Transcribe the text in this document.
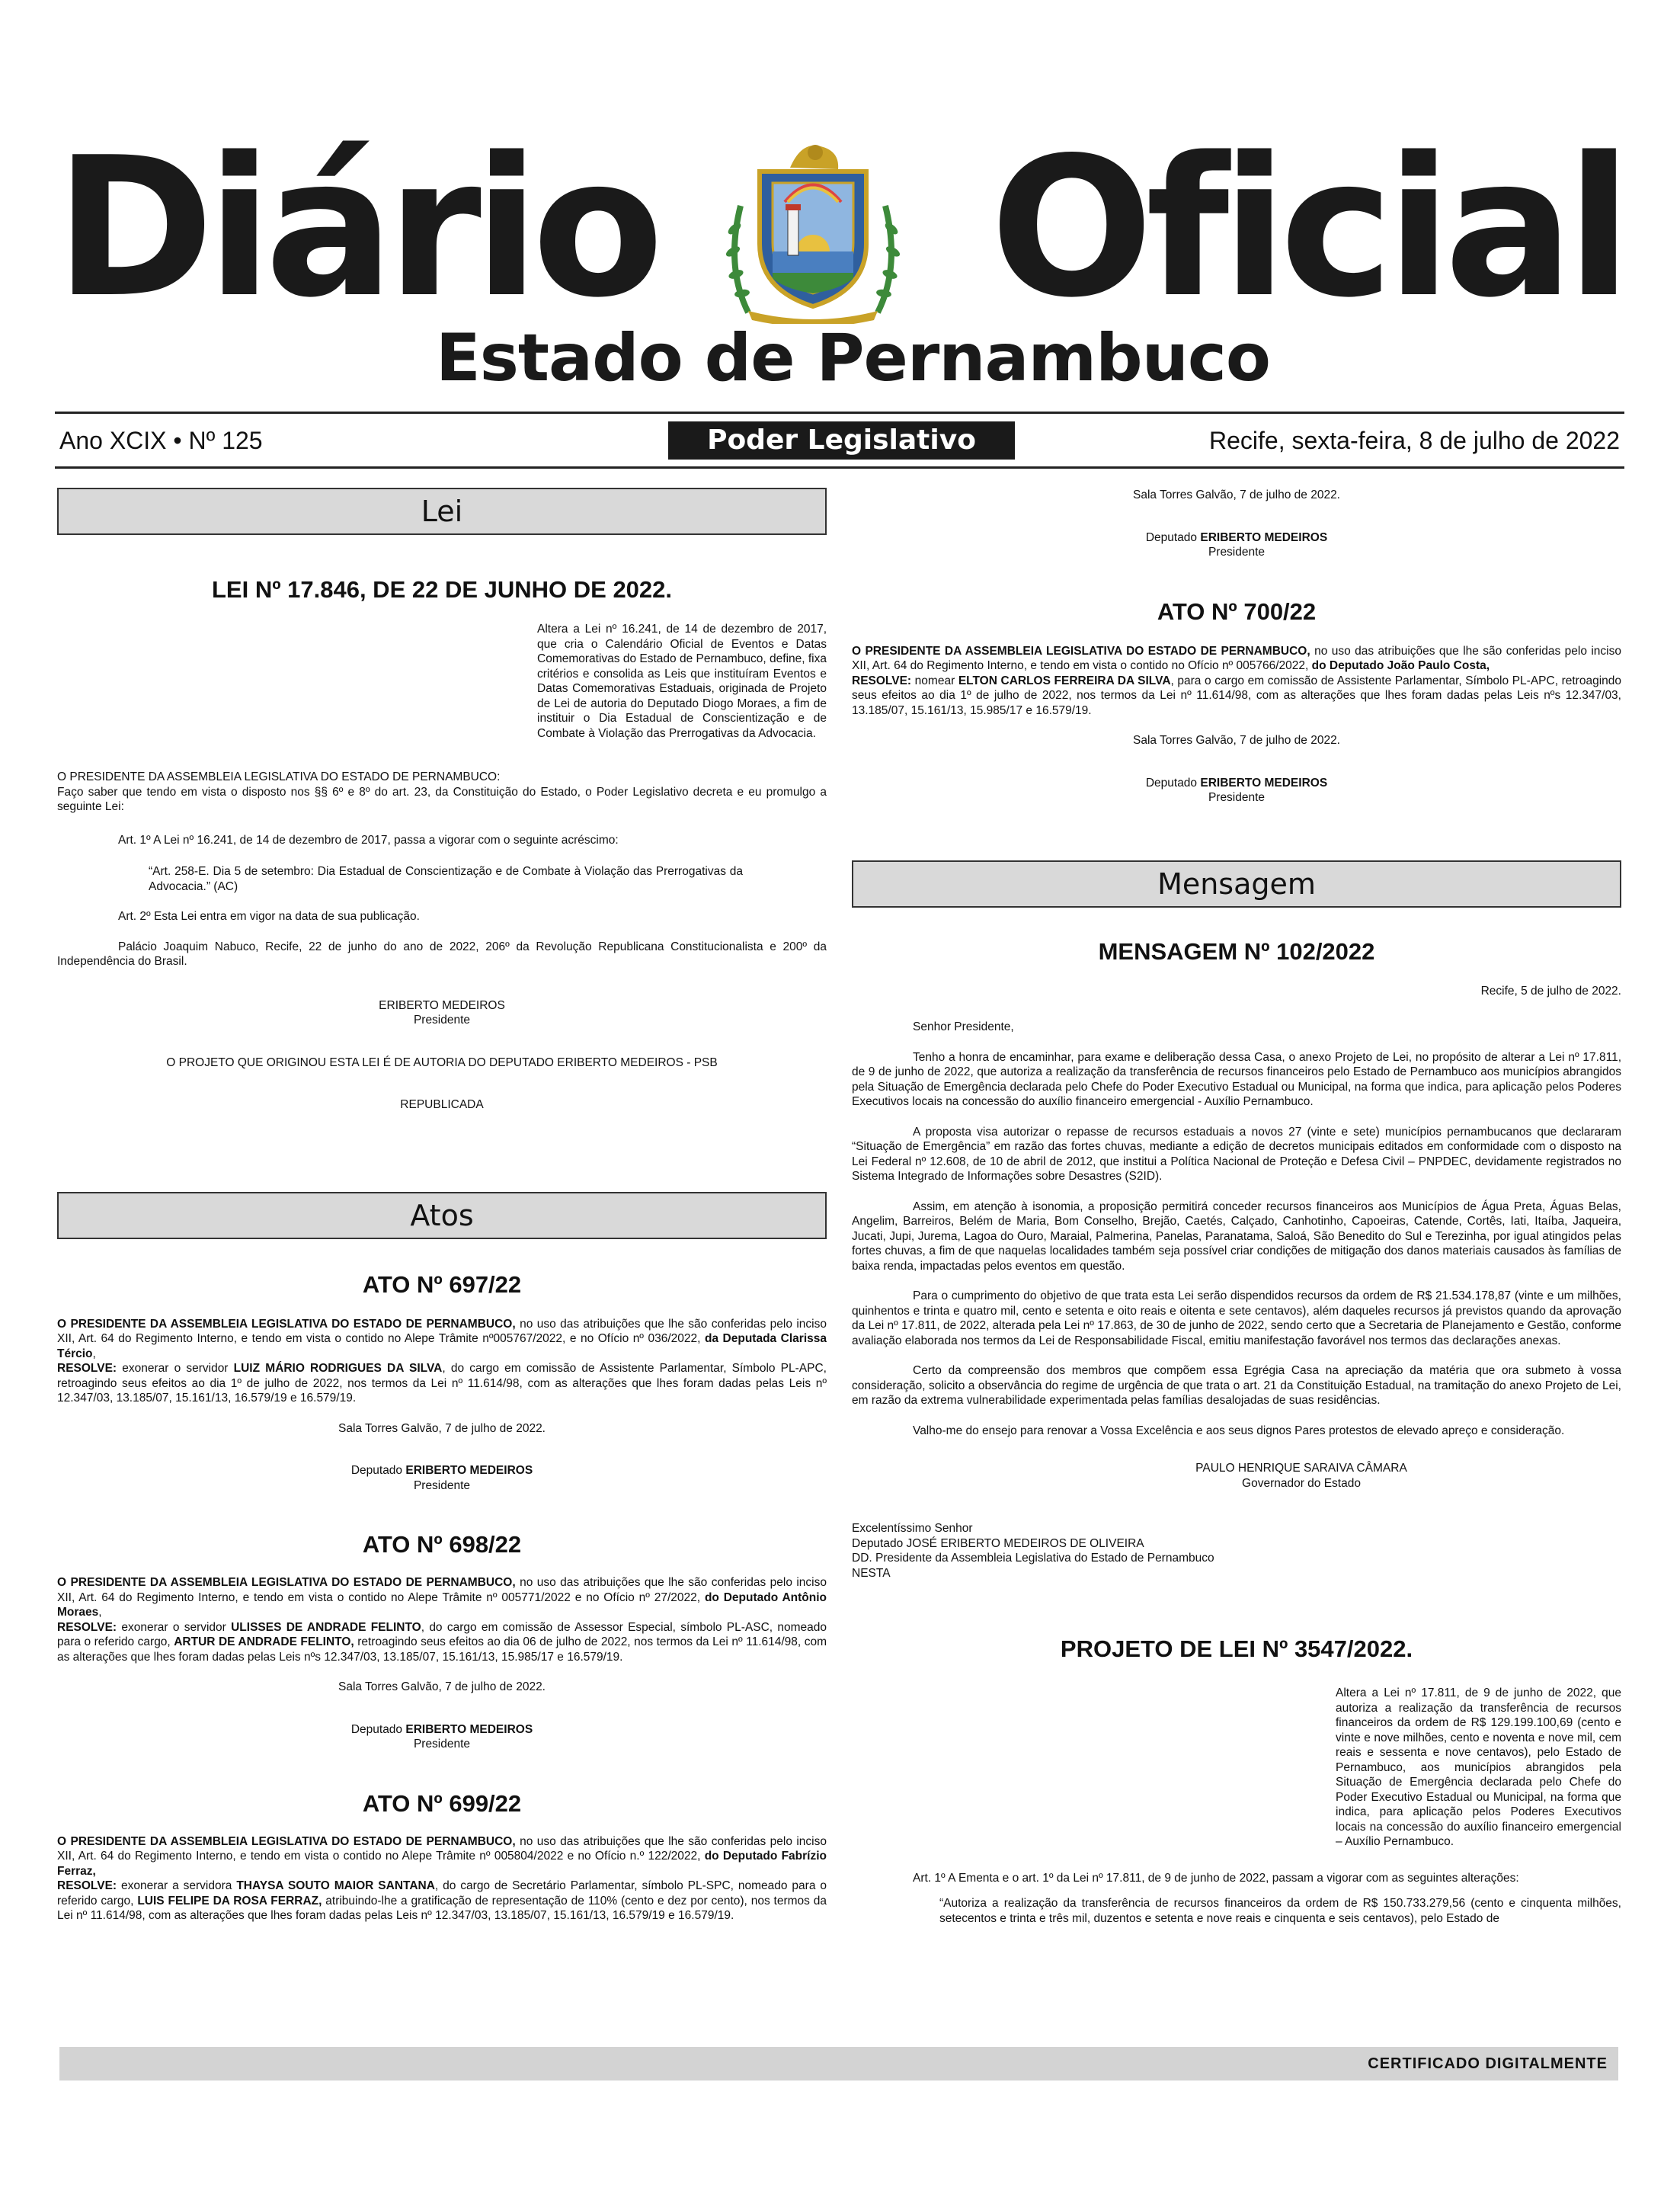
Diário Oficial
Estado de Pernambuco
Ano XCIX • Nº 125	Poder Legislativo	Recife, sexta-feira, 8 de julho de 2022
Lei
LEI Nº 17.846, DE 22 DE JUNHO DE 2022.
Altera a Lei nº 16.241, de 14 de dezembro de 2017, que cria o Calendário Oficial de Eventos e Datas Comemorativas do Estado de Pernambuco, define, fixa critérios e consolida as Leis que instituíram Eventos e Datas Comemorativas Estaduais, originada de Projeto de Lei de autoria do Deputado Diogo Moraes, a fim de instituir o Dia Estadual de Conscientização e de Combate à Violação das Prerrogativas da Advocacia.
O PRESIDENTE DA ASSEMBLEIA LEGISLATIVA DO ESTADO DE PERNAMBUCO:
Faço saber que tendo em vista o disposto nos §§ 6º e 8º do art. 23, da Constituição do Estado, o Poder Legislativo decreta e eu promulgo a seguinte Lei:
Art. 1º A Lei nº 16.241, de 14 de dezembro de 2017, passa a vigorar com o seguinte acréscimo:
“Art. 258-E. Dia 5 de setembro: Dia Estadual de Conscientização e de Combate à Violação das Prerrogativas da Advocacia.” (AC)
Art. 2º Esta Lei entra em vigor na data de sua publicação.
Palácio Joaquim Nabuco, Recife, 22 de junho do ano de 2022, 206º da Revolução Republicana Constitucionalista e 200º da Independência do Brasil.
ERIBERTO MEDEIROS
Presidente
O PROJETO QUE ORIGINOU ESTA LEI É DE AUTORIA DO DEPUTADO ERIBERTO MEDEIROS - PSB
REPUBLICADA
Atos
ATO Nº 697/22
O PRESIDENTE DA ASSEMBLEIA LEGISLATIVA DO ESTADO DE PERNAMBUCO, no uso das atribuições que lhe são conferidas pelo inciso XII, Art. 64 do Regimento Interno, e tendo em vista o contido no Alepe Trâmite nº005767/2022, e no Ofício nº 036/2022, da Deputada Clarissa Tércio,
RESOLVE: exonerar o servidor LUIZ MÁRIO RODRIGUES DA SILVA, do cargo em comissão de Assistente Parlamentar, Símbolo PL-APC, retroagindo seus efeitos ao dia 1º de julho de 2022, nos termos da Lei nº 11.614/98, com as alterações que lhes foram dadas pelas Leis nº 12.347/03, 13.185/07, 15.161/13, 16.579/19 e 16.579/19.
Sala Torres Galvão, 7 de julho de 2022.
Deputado ERIBERTO MEDEIROS
Presidente
ATO Nº 698/22
O PRESIDENTE DA ASSEMBLEIA LEGISLATIVA DO ESTADO DE PERNAMBUCO, no uso das atribuições que lhe são conferidas pelo inciso XII, Art. 64 do Regimento Interno, e tendo em vista o contido no Alepe Trâmite nº 005771/2022 e no Ofício nº 27/2022, do Deputado Antônio Moraes,
RESOLVE: exonerar o servidor ULISSES DE ANDRADE FELINTO, do cargo em comissão de Assessor Especial, símbolo PL-ASC, nomeado para o referido cargo, ARTUR DE ANDRADE FELINTO, retroagindo seus efeitos ao dia 06 de julho de 2022, nos termos da Lei nº 11.614/98, com as alterações que lhes foram dadas pelas Leis nºs 12.347/03, 13.185/07, 15.161/13, 15.985/17 e 16.579/19.
Sala Torres Galvão, 7 de julho de 2022.
Deputado ERIBERTO MEDEIROS
Presidente
ATO Nº 699/22
O PRESIDENTE DA ASSEMBLEIA LEGISLATIVA DO ESTADO DE PERNAMBUCO, no uso das atribuições que lhe são conferidas pelo inciso XII, Art. 64 do Regimento Interno, e tendo em vista o contido no Alepe Trâmite nº 005804/2022 e no Ofício n.º 122/2022, do Deputado Fabrízio Ferraz,
RESOLVE: exonerar a servidora THAYSA SOUTO MAIOR SANTANA, do cargo de Secretário Parlamentar, símbolo PL-SPC, nomeado para o referido cargo, LUIS FELIPE DA ROSA FERRAZ, atribuindo-lhe a gratificação de representação de 110% (cento e dez por cento), nos termos da Lei nº 11.614/98, com as alterações que lhes foram dadas pelas Leis nº 12.347/03, 13.185/07, 15.161/13, 16.579/19 e 16.579/19.
Sala Torres Galvão, 7 de julho de 2022.
Deputado ERIBERTO MEDEIROS
Presidente
ATO Nº 700/22
O PRESIDENTE DA ASSEMBLEIA LEGISLATIVA DO ESTADO DE PERNAMBUCO, no uso das atribuições que lhe são conferidas pelo inciso XII, Art. 64 do Regimento Interno, e tendo em vista o contido no Ofício nº 005766/2022, do Deputado João Paulo Costa,
RESOLVE: nomear ELTON CARLOS FERREIRA DA SILVA, para o cargo em comissão de Assistente Parlamentar, Símbolo PL-APC, retroagindo seus efeitos ao dia 1º de julho de 2022, nos termos da Lei nº 11.614/98, com as alterações que lhes foram dadas pelas Leis nºs 12.347/03, 13.185/07, 15.161/13, 15.985/17 e 16.579/19.
Sala Torres Galvão, 7 de julho de 2022.
Deputado ERIBERTO MEDEIROS
Presidente
Mensagem
MENSAGEM Nº 102/2022
Recife, 5 de julho de 2022.
Senhor Presidente,
Tenho a honra de encaminhar, para exame e deliberação dessa Casa, o anexo Projeto de Lei, no propósito de alterar a Lei nº 17.811, de 9 de junho de 2022, que autoriza a realização da transferência de recursos financeiros pelo Estado de Pernambuco aos municípios abrangidos pela Situação de Emergência declarada pelo Chefe do Poder Executivo Estadual ou Municipal, na forma que indica, para aplicação pelos Poderes Executivos locais na concessão do auxílio financeiro emergencial - Auxílio Pernambuco.
A proposta visa autorizar o repasse de recursos estaduais a novos 27 (vinte e sete) municípios pernambucanos que declararam “Situação de Emergência” em razão das fortes chuvas, mediante a edição de decretos municipais editados em conformidade com o disposto na Lei Federal nº 12.608, de 10 de abril de 2012, que institui a Política Nacional de Proteção e Defesa Civil – PNPDEC, devidamente registrados no Sistema Integrado de Informações sobre Desastres (S2ID).
Assim, em atenção à isonomia, a proposição permitirá conceder recursos financeiros aos Municípios de Água Preta, Águas Belas, Angelim, Barreiros, Belém de Maria, Bom Conselho, Brejão, Caetés, Calçado, Canhotinho, Capoeiras, Catende, Cortês, Iati, Itaíba, Jaqueira, Jucati, Jupi, Jurema, Lagoa do Ouro, Maraial, Palmerina, Panelas, Paranatama, Saloá, São Benedito do Sul e Terezinha, por igual atingidos pelas fortes chuvas, a fim de que naquelas localidades também seja possível criar condições de mitigação dos danos materiais causados às famílias de baixa renda, impactadas pelos eventos em questão.
Para o cumprimento do objetivo de que trata esta Lei serão dispendidos recursos da ordem de R$ 21.534.178,87 (vinte e um milhões, quinhentos e trinta e quatro mil, cento e setenta e oito reais e oitenta e sete centavos), além daqueles recursos já previstos quando da aprovação da Lei nº 17.811, de 2022, alterada pela Lei nº 17.863, de 30 de junho de 2022, sendo certo que a Secretaria de Planejamento e Gestão, conforme avaliação elaborada nos termos da Lei de Responsabilidade Fiscal, emitiu manifestação favorável nos termos das declarações anexas.
Certo da compreensão dos membros que compõem essa Egrégia Casa na apreciação da matéria que ora submeto à vossa consideração, solicito a observância do regime de urgência de que trata o art. 21 da Constituição Estadual, na tramitação do anexo Projeto de Lei, em razão da extrema vulnerabilidade experimentada pelas famílias desalojadas de suas residências.
Valho-me do ensejo para renovar a Vossa Excelência e aos seus dignos Pares protestos de elevado apreço e consideração.
PAULO HENRIQUE SARAIVA CÂMARA
Governador do Estado
Excelentíssimo Senhor
Deputado JOSÉ ERIBERTO MEDEIROS DE OLIVEIRA
DD. Presidente da Assembleia Legislativa do Estado de Pernambuco
NESTA
PROJETO DE LEI Nº 3547/2022.
Altera a Lei nº 17.811, de 9 de junho de 2022, que autoriza a realização da transferência de recursos financeiros da ordem de R$ 129.199.100,69 (cento e vinte e nove milhões, cento e noventa e nove mil, cem reais e sessenta e nove centavos), pelo Estado de Pernambuco, aos municípios abrangidos pela Situação de Emergência declarada pelo Chefe do Poder Executivo Estadual ou Municipal, na forma que indica, para aplicação pelos Poderes Executivos locais na concessão do auxílio financeiro emergencial – Auxílio Pernambuco.
Art. 1º A Ementa e o art. 1º da Lei nº 17.811, de 9 de junho de 2022, passam a vigorar com as seguintes alterações:
“Autoriza a realização da transferência de recursos financeiros da ordem de R$ 150.733.279,56 (cento e cinquenta milhões, setecentos e trinta e três mil, duzentos e setenta e nove reais e cinquenta e seis centavos), pelo Estado de
CERTIFICADO DIGITALMENTE
